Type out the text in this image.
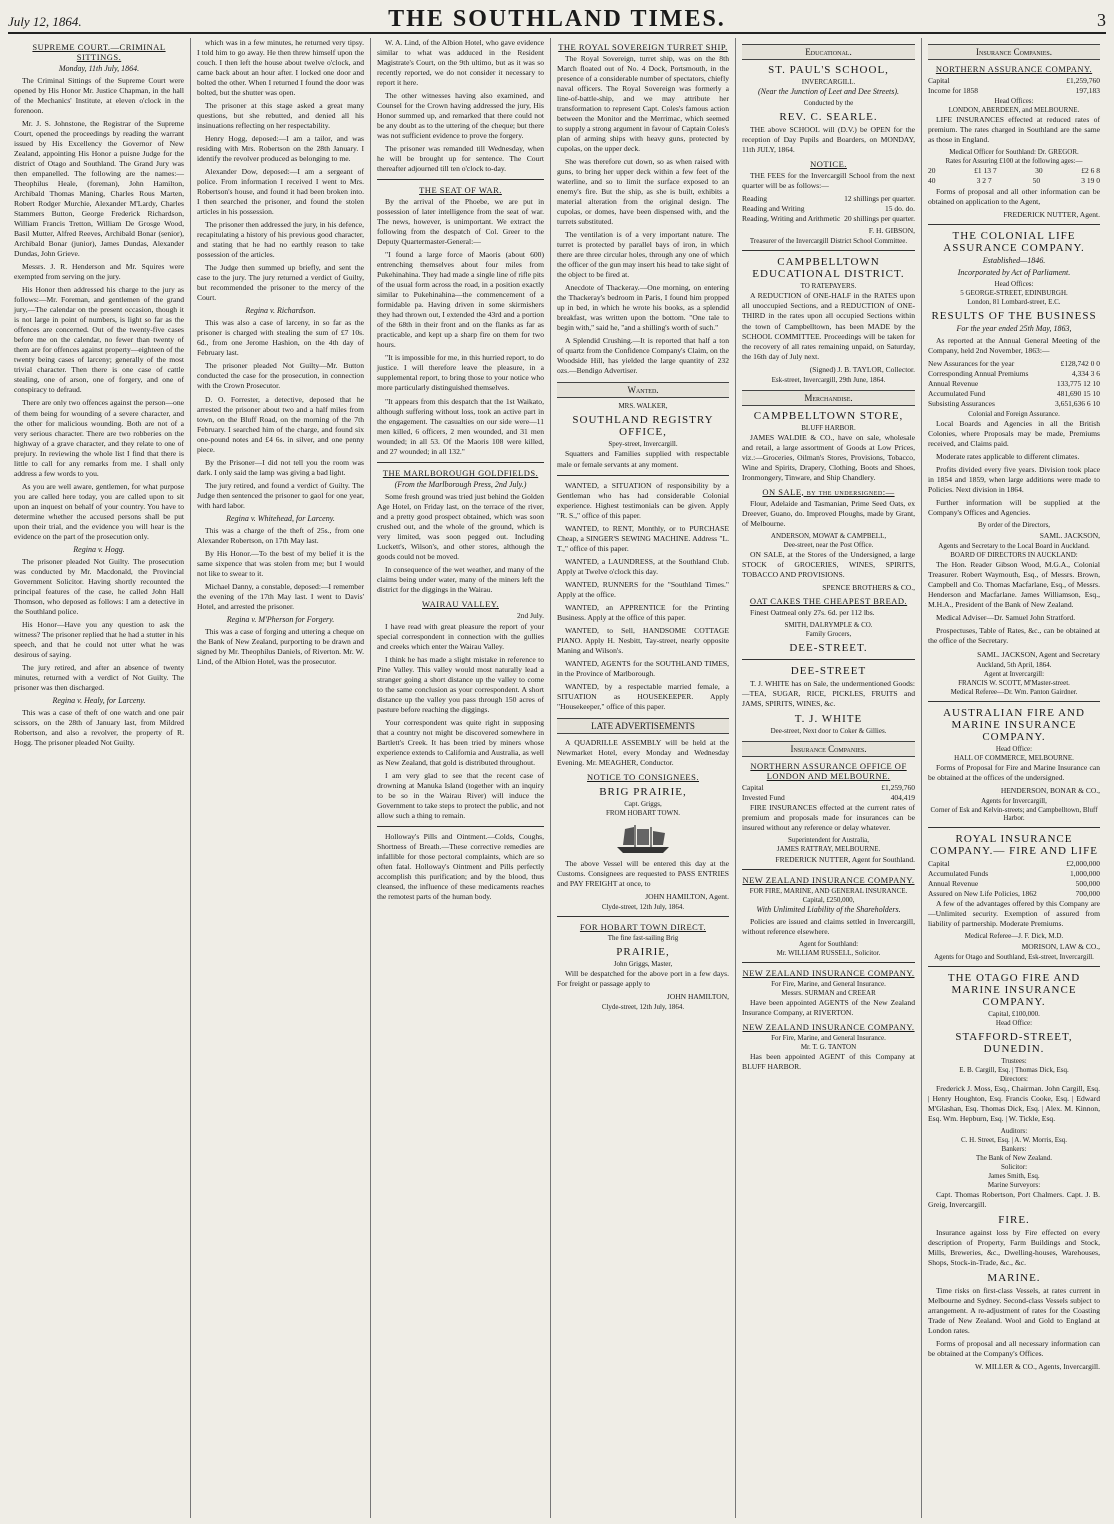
July 12, 1864.	THE SOUTHLAND TIMES.	3
SUPREME COURT.—CRIMINAL SITTINGS.
Monday, 11th July, 1864.

The Criminal Sittings of the Supreme Court were opened by His Honor Mr. Justice Chapman, in the hall of the Mechanics' Institute, at eleven o'clock in the forenoon.

Mr. J. S. Johnstone, the Registrar of the Supreme Court, opened the proceedings by reading the warrant issued by His Excellency the Governor of New Zealand, appointing His Honor a puisne Judge for the district of Otago and Southland. The Grand Jury was then empanelled. The following are the names:—Theophilus Heale, (foreman), John Hamilton, Archibald Thomas Maning, Charles Rous Marten, Robert Rodger Murchie, Alexander M'Lardy, Charles Stammers Button, George Frederick Richardson, William Francis Tretton, William De Grosge Wood, Basil Mutter, Alfred Reeves, Archibald Bonar (senior), Archibald Bonar (junior), James Dundas, Alexander Dundas, John Grieve.

Messrs. J. R. Henderson and Mr. Squires were exempted from serving on the jury.

His Honor then addressed his charge to the jury as follows:—Mr. Foreman, and gentlemen of the grand jury,—The calendar on the present occasion, though it is not large in point of numbers, is light so far as the offences are concerned. Out of the twenty-five cases before me on the calendar, no fewer than twenty of them are for offences against property—eighteen of the twenty being cases of larceny; generally of the most trivial character. Then there is one case of cattle stealing, one of arson, one of forgery, and one of conspiracy to defraud.

There are only two offences against the person—one of them being for wounding of a severe character, and the other for malicious wounding. Both are not of a very serious character. There are two robberies on the highway of a grave character, and they relate to one of prejury. In reviewing the whole list I find that there is little to call for any remarks from me. I shall only address a few words to you.

As you are well aware, gentlemen, for what purpose you are called here today, you are called upon to sit upon an inquest on behalf of your country. You have to determine whether the accused persons shall be put upon their trial, and the evidence you will hear is the evidence on the part of the prosecution only.

Regina v. Hogg.

The prisoner pleaded Not Guilty. The prosecution was conducted by Mr. Macdonald, the Provincial Government Solicitor. Having shortly recounted the principal features of the case, he called John Hall Thomson, who deposed as follows: I am a detective in the Southland police.

His Honor—Have you any question to ask the witness? The prisoner replied that he had a stutter in his speech, and that he could not utter what he was desirous of saying.

The jury retired, and after an absence of twenty minutes, returned with a verdict of Not Guilty. The prisoner was then discharged.

Regina v. Healy, for Larceny.

This was a case of theft of one watch and one pair scissors, on the 28th of January last, from Mildred Robertson, and also a revolver, the property of R. Hogg. The prisoner pleaded Not Guilty.

which was in a few minutes, he returned very tipsy. I told him to go away. He then threw himself upon the couch. I then left the house about twelve o'clock, and came back about an hour after. I locked one door and bolted the other. When I returned I found the door was bolted, but the shutter was open.

The prisoner at this stage asked a great many questions, but she rebutted, and denied all his insinuations reflecting on her respectability.

Henry Hogg, deposed:—I am a tailor, and was residing with Mrs. Robertson on the 28th January. I identify the revolver produced as belonging to me.

Alexander Dow, deposed:—I am a sergeant of police. From information I received I went to Mrs. Robertson's house, and found it had been broken into. I then searched the prisoner, and found the stolen articles in his possession.

The prisoner then addressed the jury, in his defence, recapitulating a history of his previous good character, and stating that he had no earthly reason to take possession of the articles.

The Judge then summed up briefly, and sent the case to the jury. The jury returned a verdict of Guilty, but recommended the prisoner to the mercy of the Court.

Regina v. Richardson.

This was also a case of larceny, in so far as the prisoner is charged with stealing the sum of £7 10s. 6d., from one Jerome Hashion, on the 4th day of February last.

The prisoner pleaded Not Guilty—Mr. Button conducted the case for the prosecution, in connection with the Crown Prosecutor.

D. O. Forrester, a detective, deposed that he arrested the prisoner about two and a half miles from town, on the Bluff Road, on the morning of the 7th February. I searched him of the charge, and found six one-pound notes and £4 6s. in silver, and one penny piece.

By the Prisoner—I did not tell you the room was dark. I only said the lamp was giving a bad light.

The jury retired, and found a verdict of Guilty. The Judge then sentenced the prisoner to gaol for one year, with hard labor.

Regina v. Whitehead, for Larceny.

This was a charge of the theft of 25s., from one Alexander Robertson, on 17th May last.

By His Honor.—To the best of my belief it is the same sixpence that was stolen from me; but I would not like to swear to it.

Michael Danny, a constable, deposed:—I remember the evening of the 17th May last. I went to Davis' Hotel, and arrested the prisoner.

Regina v. M'Pherson for Forgery.

This was a case of forging and uttering a cheque on the Bank of New Zealand, purporting to be drawn and signed by Mr. Theophilus Daniels, of Riverton. Mr. W. Lind, of the Albion Hotel, was the prosecutor.

W. A. Lind, of the Albion Hotel, who gave evidence similar to what was adduced in the Resident Magistrate's Court, on the 9th ultimo, but as it was so recently reported, we do not consider it necessary to report it here.

The other witnesses having also examined, and Counsel for the Crown having addressed the jury, His Honor summed up, and remarked that there could not be any doubt as to the uttering of the cheque; but there was not sufficient evidence to prove the forgery.

The prisoner was remanded till Wednesday, when he will be brought up for sentence. The Court thereafter adjourned till ten o'clock to-day.

THE SEAT OF WAR.

By the arrival of the Phoebe, we are put in possession of later intelligence from the seat of war. The news, however, is unimportant. We extract the following from the despatch of Col. Greer to the Deputy Quartermaster-General:—

"I found a large force of Maoris (about 600) entrenching themselves about four miles from Pukehinahina. They had made a single line of rifle pits of the usual form across the road, in a position exactly similar to Pukehinahina—the commencement of a formidable pa. Having driven in some skirmishers they had thrown out, I extended the 43rd and a portion of the 68th in their front and on the flanks as far as practicable, and kept up a sharp fire on them for two hours.

"It is impossible for me, in this hurried report, to do justice. I will therefore leave the pleasure, in a supplemental report, to bring those to your notice who more particularly distinguished themselves.

"It appears from this despatch that the 1st Waikato, although suffering without loss, took an active part in the engagement. The casualties on our side were—11 men killed, 6 officers, 2 men wounded, and 31 men wounded; in all 53. Of the Maoris 108 were killed, and 27 wounded; in all 132."

THE MARLBOROUGH GOLDFIELDS.
(From the Marlborough Press, 2nd July.)

Some fresh ground was tried just behind the Golden Age Hotel, on Friday last, on the terrace of the river, and a pretty good prospect obtained, which was soon crushed out, and the whole of the ground, which is very limited, was soon pegged out. Including Luckett's, Wilson's, and other stores, although the goods could not be moved.

In consequence of the wet weather, and many of the claims being under water, many of the miners left the district for the diggings in the Wairau.

WAIRAU VALLEY.
2nd July.

I have read with great pleasure the report of your special correspondent in connection with the gullies and creeks which enter the Wairau Valley.

I think he has made a slight mistake in reference to Pine Valley. This valley would most naturally lead a stranger going a short distance up the valley to come to the same conclusion as your correspondent. A short distance up the valley you pass through 150 acres of pasture before reaching the diggings.

Your correspondent was quite right in supposing that a country not might be discovered somewhere in Bartlett's Creek. It has been tried by miners whose experience extends to California and Australia, as well as New Zealand, that gold is distributed throughout.

I am very glad to see that the recent case of drowning at Manuka Island (together with an inquiry to be so in the Wairau River) will induce the Government to take steps to protect the public, and not allow such a thing to remain.

Holloway's Pills and Ointment.—Colds, Coughs, Shortness of Breath.—These corrective remedies are infallible for those pectoral complaints, which are so often fatal. Holloway's Ointment and Pills perfectly accomplish this purification; and by the blood, thus cleansed, the influence of these medicaments reaches the remotest parts of the human body.

THE ROYAL SOVEREIGN TURRET SHIP.

The Royal Sovereign, turret ship, was on the 8th March floated out of No. 4 Dock, Portsmouth, in the presence of a considerable number of spectators, chiefly naval officers. The Royal Sovereign was formerly a line-of-battle-ship, and we may attribute her transformation to represent Capt. Coles's famous action between the Monitor and the Merrimac, which seemed to supply a strong argument in favour of Captain Coles's plan of arming ships with heavy guns, protected by cupolas, on the upper deck.

She was therefore cut down, so as when raised with guns, to bring her upper deck within a few feet of the waterline, and so to limit the surface exposed to an enemy's fire. But the ship, as she is built, exhibits a material alteration from the original design. The cupolas, or domes, have been dispensed with, and the turrets substituted.

The ventilation is of a very important nature. The turret is protected by parallel bays of iron, in which there are three circular holes, through any one of which the officer of the gun may insert his head to take sight of the object to be fired at.

Anecdote of Thackeray.—One morning, on entering the Thackeray's bedroom in Paris, I found him propped up in bed, in which he wrote his books, as a splendid breakfast, was written upon the bottom. "One tale to begin with," said he, "and a shilling's worth of such."

A Splendid Crushing.—It is reported that half a ton of quartz from the Confidence Company's Claim, on the Woodside Hill, has yielded the large quantity of 232 ozs.—Bendigo Advertiser.

Wanted.
MRS. WALKER,
SOUTHLAND REGISTRY OFFICE,
Spey-street, Invercargill.

Squatters and Families supplied with respectable male or female servants at any moment.

WANTED, a SITUATION of responsibility by a Gentleman who has had considerable Colonial experience. Highest testimonials can be given. Apply "R. S.," office of this paper.

WANTED, to RENT, Monthly, or to PURCHASE Cheap, a SINGER'S SEWING MACHINE. Address "L. T.," office of this paper.

WANTED, a LAUNDRESS, at the Southland Club. Apply at Twelve o'clock this day.

WANTED, RUNNERS for the "Southland Times." Apply at the office.

WANTED, an APPRENTICE for the Printing Business. Apply at the office of this paper.

WANTED, to Sell, HANDSOME COTTAGE PIANO. Apply H. Nesbitt, Tay-street, nearly opposite Maning and Wilson's.

WANTED, AGENTS for the SOUTHLAND TIMES, in the Province of Marlborough.

WANTED, by a respectable married female, a SITUATION as HOUSEKEEPER. Apply "Housekeeper," office of this paper.

LATE ADVERTISEMENTS

A QUADRILLE ASSEMBLY will be held at the Newmarket Hotel, every Monday and Wednesday Evening. Mr. MEAGHER, Conductor.

NOTICE TO CONSIGNEES.
BRIG PRAIRIE,
Capt. Griggs,
FROM HOBART TOWN.

The above Vessel will be entered this day at the Customs. Consignees are requested to PASS ENTRIES and PAY FREIGHT at once, to

JOHN HAMILTON, Agent.
Clyde-street, 12th July, 1864.
FOR HOBART TOWN DIRECT.
The fine fast-sailing Brig
PRAIRIE,
John Griggs, Master,

Will be despatched for the above port in a few days. For freight or passage apply to

JOHN HAMILTON,
Clyde-street, 12th July, 1864.
Educational.
ST. PAUL'S SCHOOL,
INVERCARGILL.
(Near the Junction of Leet and Dee Streets).
Conducted by the
REV. C. SEARLE.

THE above SCHOOL will (D.V.) be OPEN for the reception of Day Pupils and Boarders, on MONDAY, 11th JULY, 1864.

NOTICE.

THE FEES for the Invercargill School from the next quarter will be as follows:—

Reading	12 shillings per quarter.
Reading and Writing	15 do. do.
Reading, Writing and Arithmetic 20 shillings per quarter.
F. H. GIBSON,
Treasurer of the Invercargill District School Committee.
CAMPBELLTOWN EDUCATIONAL DISTRICT.
TO RATEPAYERS.

A REDUCTION of ONE-HALF in the RATES upon all unoccupied Sections, and a REDUCTION of ONE-THIRD in the rates upon all occupied Sections within the town of Campbelltown, has been MADE by the SCHOOL COMMITTEE. Proceedings will be taken for the recovery of all rates remaining unpaid, on Saturday, the 16th day of July next.

(Signed) J. B. TAYLOR, Collector.
Esk-street, Invercargill, 29th June, 1864.
Merchandise.
CAMPBELLTOWN STORE,
BLUFF HARBOR.

JAMES WALDIE & CO., have on sale, wholesale and retail, a large assortment of Goods at Low Prices, viz.:—Groceries, Oilman's Stores, Provisions, Tobacco, Wine and Spirits, Drapery, Clothing, Boots and Shoes, Ironmongery, Tinware, and Ship Chandlery.

ON SALE, by the undersigned:—

Flour, Adelaide and Tasmanian, Prime Seed Oats, ex Dreever, Guano, do. Improved Ploughs, made by Grant, of Melbourne.

ANDERSON, MOWAT & CAMPBELL,
Dee-street, near the Post Office.

ON SALE, at the Stores of the Undersigned, a large STOCK of GROCERIES, WINES, SPIRITS, TOBACCO AND PROVISIONS.

SPENCE BROTHERS & CO.,
OAT CAKES THE CHEAPEST BREAD.

Finest Oatmeal only 27s. 6d. per 112 lbs.

SMITH, DALRYMPLE & CO.
Family Grocers,
DEE-STREET.
DEE-STREET

T. J. WHITE has on Sale, the undermentioned Goods:—TEA, SUGAR, RICE, PICKLES, FRUITS and JAMS, SPIRITS, WINES, &c.

T. J. WHITE
Dee-street, Next door to Coker & Gillies.
Insurance Companies.
NORTHERN ASSURANCE OFFICE OF LONDON AND MELBOURNE.
Capital	£1,259,760
Invested Fund	404,419

FIRE INSURANCES effected at the current rates of premium and proposals made for insurances can be insured without any reference or delay whatever.

Superintendent for Australia,
JAMES RATTRAY, MELBOURNE.
FREDERICK NUTTER, Agent for Southland.
NEW ZEALAND INSURANCE COMPANY.
FOR FIRE, MARINE, AND GENERAL INSURANCE.
Capital, £250,000,
With Unlimited Liability of the Shareholders.

Policies are issued and claims settled in Invercargill, without reference elsewhere.

Agent for Southland:
Mr. WILLIAM RUSSELL, Solicitor.
NEW ZEALAND INSURANCE COMPANY.
For Fire, Marine, and General Insurance.
Messrs. SURMAN and CREEAR

Have been appointed AGENTS of the New Zealand Insurance Company, at RIVERTON.

NEW ZEALAND INSURANCE COMPANY.
For Fire, Marine, and General Insurance.
Mr. T. G. TANTON

Has been appointed AGENT of this Company at BLUFF HARBOR.

Insurance Companies.
NORTHERN ASSURANCE COMPANY.
Capital	£1,259,760
Income for 1858	197,183
Head Offices:
LONDON, ABERDEEN, and MELBOURNE.

LIFE INSURANCES effected at reduced rates of premium. The rates charged in Southland are the same as those in England.

Medical Officer for Southland: Dr. GREGOR.
Rates for Assuring £100 at the following ages:—
20	£1 13 7	30	£2 6 8
40	3 2 7	50	3 19 0

Forms of proposal and all other information can be obtained on application to the Agent,

FREDERICK NUTTER, Agent.
THE COLONIAL LIFE ASSURANCE COMPANY.
Established—1846.
Incorporated by Act of Parliament.
Head Offices:
5 GEORGE-STREET, EDINBURGH.
London, 81 Lombard-street, E.C.
RESULTS OF THE BUSINESS
For the year ended 25th May, 1863,

As reported at the Annual General Meeting of the Company, held 2nd November, 1863:—

New Assurances for the year	£128,742 0 0
Corresponding Annual Premiums	4,334 3 6
Annual Revenue	133,775 12 10
Accumulated Fund	481,690 15 10
Subsisting Assurances	3,651,636 6 10
Colonial and Foreign Assurance.

Local Boards and Agencies in all the British Colonies, where Proposals may be made, Premiums received, and Claims paid.

Moderate rates applicable to different climates.

Profits divided every five years. Division took place in 1854 and 1859, when large additions were made to Policies. Next division in 1864.

Further information will be supplied at the Company's Offices and Agencies.

By order of the Directors,
SAML. JACKSON,
Agents and Secretary to the Local Board in Auckland.
BOARD OF DIRECTORS IN AUCKLAND:

The Hon. Reader Gibson Wood, M.G.A., Colonial Treasurer. Robert Waymouth, Esq., of Messrs. Brown, Campbell and Co. Thomas Macfarlane, Esq., of Messrs. Henderson and Macfarlane. James Williamson, Esq., M.H.A., President of the Bank of New Zealand.

Medical Adviser—Dr. Samuel John Stratford.

Prospectuses, Table of Rates, &c., can be obtained at the office of the Secretary.

SAML. JACKSON, Agent and Secretary
Auckland, 5th April, 1864.
Agent at Invercargill:
FRANCIS W. SCOTT, M'Master-street.
Medical Referee—Dr. Wm. Panton Gairdner.
AUSTRALIAN FIRE AND MARINE INSURANCE COMPANY.
Head Office:
HALL OF COMMERCE, MELBOURNE.

Forms of Proposal for Fire and Marine Insurance can be obtained at the offices of the undersigned.

HENDERSON, BONAR & CO.,
Agents for Invercargill,
Corner of Esk and Kelvin-streets; and Campbelltown, Bluff Harbor.
ROYAL INSURANCE COMPANY.— FIRE AND LIFE
Capital	£2,000,000
Accumulated Funds	1,000,000
Annual Revenue	500,000
Assured on New Life Policies, 1862	700,000

A few of the advantages offered by this Company are—Unlimited security. Exemption of assured from liability of partnership. Moderate Premiums.

Medical Referee—J. F. Dick, M.D.
MORISON, LAW & CO.,
Agents for Otago and Southland, Esk-street, Invercargill.
THE OTAGO FIRE AND MARINE INSURANCE COMPANY.
Capital, £100,000.
Head Office:
STAFFORD-STREET, DUNEDIN.
Trustees:
E. B. Cargill, Esq. | Thomas Dick, Esq.
Directors:

Frederick J. Moss, Esq., Chairman. John Cargill, Esq. | Henry Houghton, Esq. Francis Cooke, Esq. | Edward M'Glashan, Esq. Thomas Dick, Esq. | Alex. M. Kinnon, Esq. Wm. Hepburn, Esq. | W. Tickle, Esq.

Auditors:
C. H. Street, Esq. | A. W. Morris, Esq.
Bankers:
The Bank of New Zealand.
Solicitor:
James Smith, Esq.
Marine Surveyors:

Capt. Thomas Robertson, Port Chalmers. Capt. J. B. Greig, Invercargill.

FIRE.

Insurance against loss by Fire effected on every description of Property, Farm Buildings and Stock, Mills, Breweries, &c., Dwelling-houses, Warehouses, Shops, Stock-in-Trade, &c., &c.

MARINE.

Time risks on first-class Vessels, at rates current in Melbourne and Sydney. Second-class Vessels subject to arrangement. A re-adjustment of rates for the Coasting Trade of New Zealand. Wool and Gold to England at London rates.

Forms of proposal and all necessary information can be obtained at the Company's Offices.

W. MILLER & CO., Agents, Invercargill.
